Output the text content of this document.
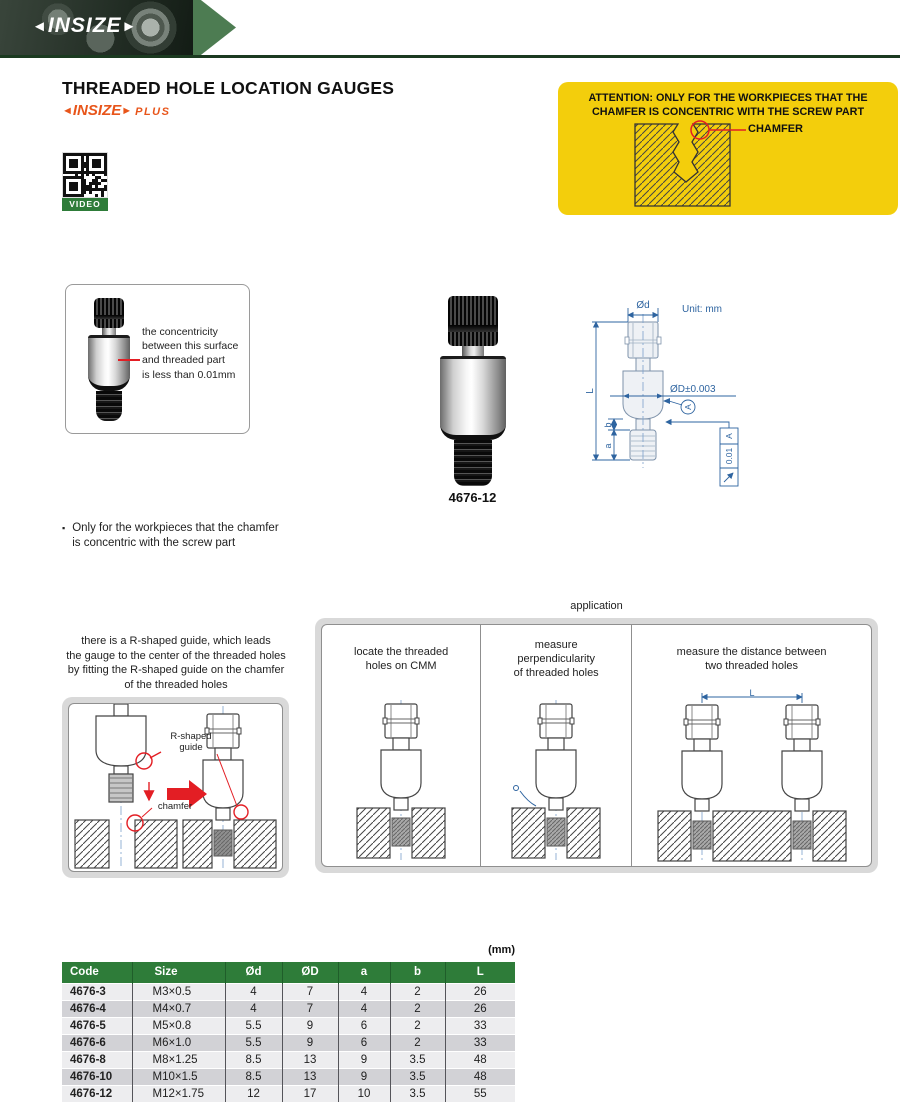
◄INSIZE►
THREADED HOLE LOCATION GAUGES
◄INSIZE► PLUS
ATTENTION: ONLY FOR THE WORKPIECES THAT THE
CHAMFER IS CONCENTRIC WITH THE SCREW PART
CHAMFER
VIDEO
the concentricity
between this surface
and threaded part
is less than 0.01mm
4676-12
Unit: mm
Ød
ØD±0.003
A
L
b
a
A
0.01
▪ Only for the workpieces that the chamfer
is concentric with the screw part
there is a R-shaped guide, which leads
the gauge to the center of the threaded holes
by fitting the R-shaped guide on the chamfer
of the threaded holes
R-shaped
guide
chamfer
application
locate the threaded
holes on CMM
measure
perpendicularity
of threaded holes
measure the distance between
two threaded holes
L
(mm)
Code	Size	Ød	ØD	a	b	L
4676-3	M3×0.5	4	7	4	2	26
4676-4	M4×0.7	4	7	4	2	26
4676-5	M5×0.8	5.5	9	6	2	33
4676-6	M6×1.0	5.5	9	6	2	33
4676-8	M8×1.25	8.5	13	9	3.5	48
4676-10	M10×1.5	8.5	13	9	3.5	48
4676-12	M12×1.75	12	17	10	3.5	55
